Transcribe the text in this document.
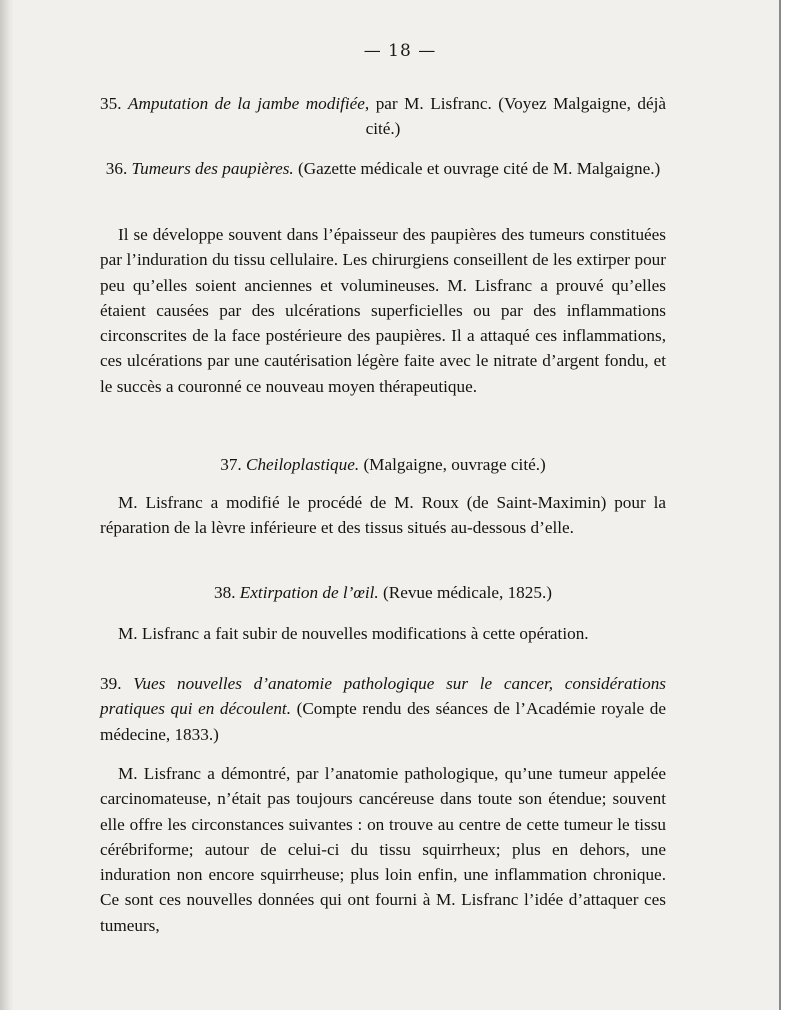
— 18 —

35. Amputation de la jambe modifiée, par M. Lisfranc. (Voyez Malgaigne, déjà cité.)

36. Tumeurs des paupières. (Gazette médicale et ouvrage cité de M. Malgaigne.)

Il se développe souvent dans l’épaisseur des paupières des tumeurs constituées par l’induration du tissu cellulaire. Les chirurgiens conseillent de les extirper pour peu qu’elles soient anciennes et volumineuses. M. Lisfranc a prouvé qu’elles étaient causées par des ulcérations superficielles ou par des inflammations circonscrites de la face postérieure des paupières. Il a attaqué ces inflammations, ces ulcérations par une cautérisation légère faite avec le nitrate d’argent fondu, et le succès a couronné ce nouveau moyen thérapeutique.

37. Cheiloplastique. (Malgaigne, ouvrage cité.)

M. Lisfranc a modifié le procédé de M. Roux (de Saint-Maximin) pour la réparation de la lèvre inférieure et des tissus situés au-dessous d’elle.

38. Extirpation de l’œil. (Revue médicale, 1825.)

M. Lisfranc a fait subir de nouvelles modifications à cette opération.

39. Vues nouvelles d’anatomie pathologique sur le cancer, considérations pratiques qui en découlent. (Compte rendu des séances de l’Académie royale de médecine, 1833.)

M. Lisfranc a démontré, par l’anatomie pathologique, qu’une tumeur appelée carcinomateuse, n’était pas toujours cancéreuse dans toute son étendue; souvent elle offre les circonstances suivantes : on trouve au centre de cette tumeur le tissu cérébriforme; autour de celui-ci du tissu squirrheux; plus en dehors, une induration non encore squirrheuse; plus loin enfin, une inflammation chronique. Ce sont ces nouvelles données qui ont fourni à M. Lisfranc l’idée d’attaquer ces tumeurs,
